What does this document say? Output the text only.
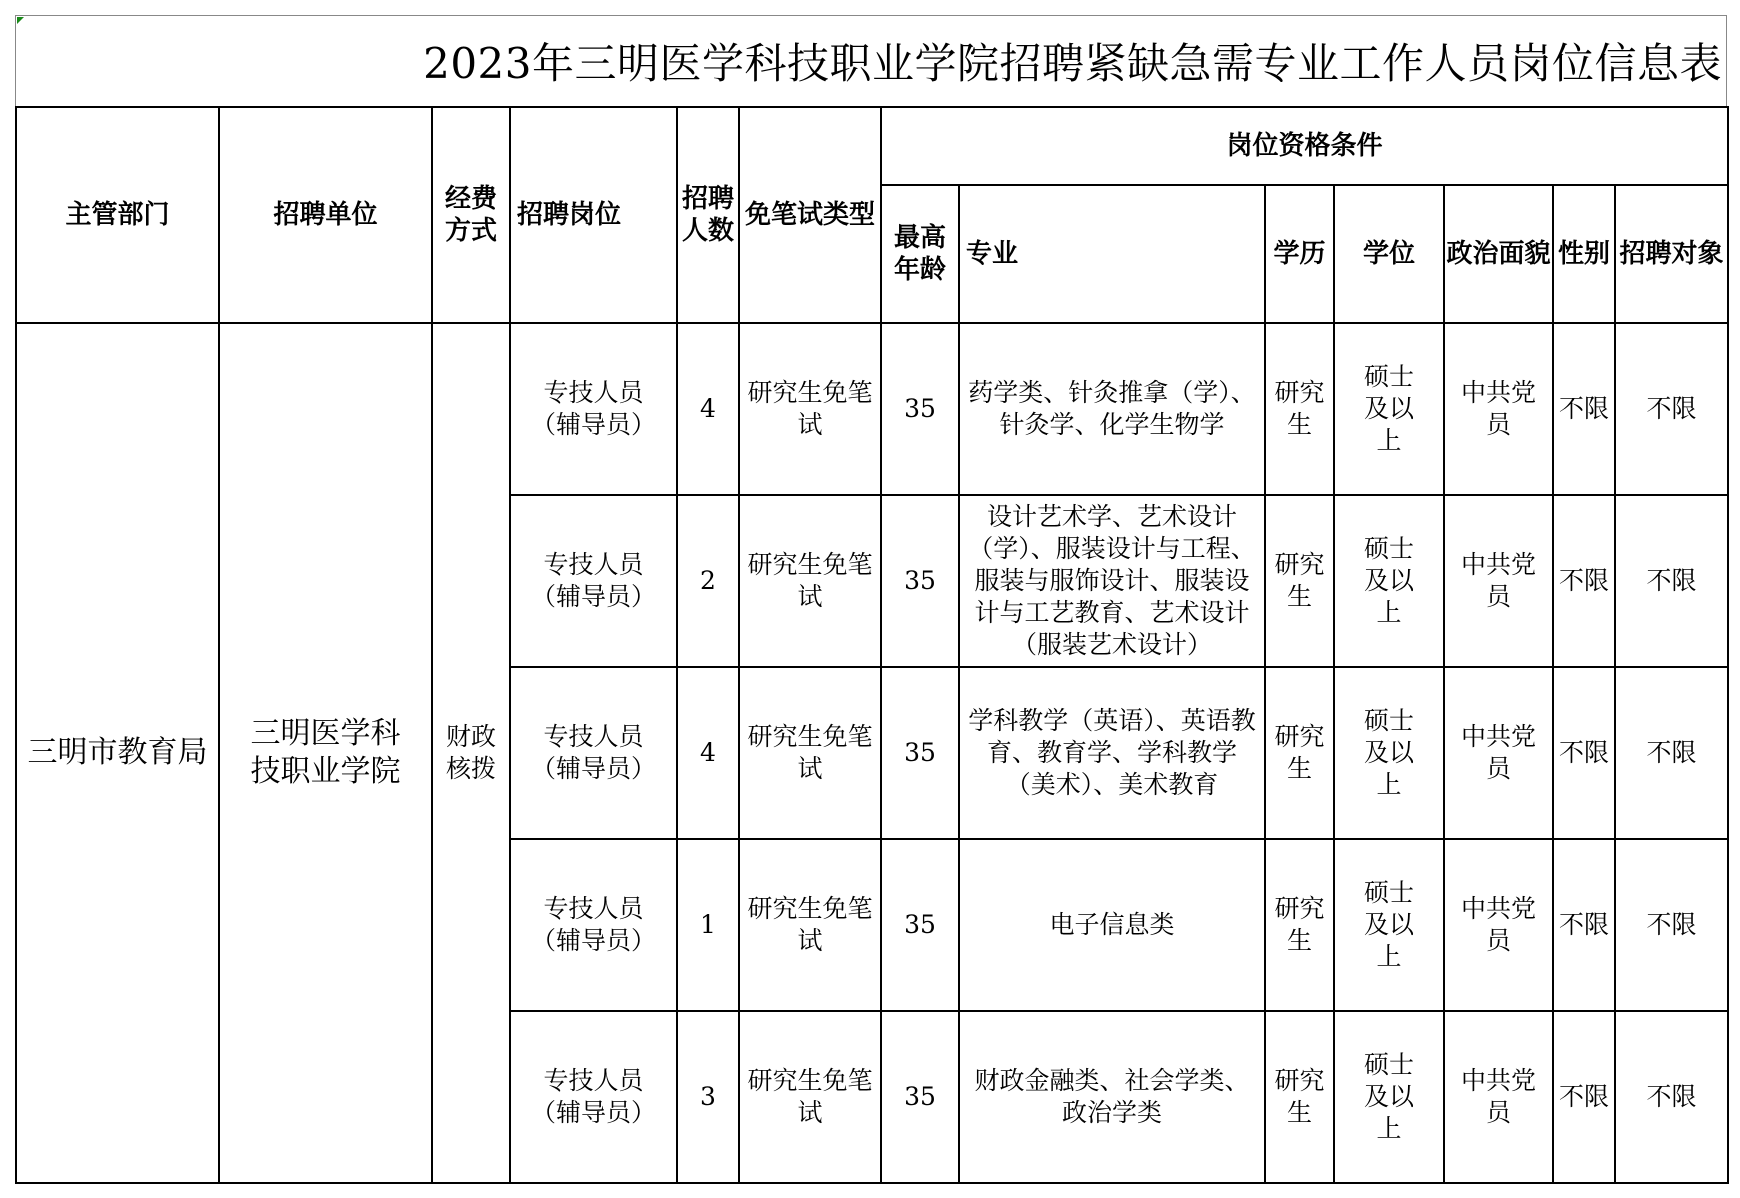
2023年三明医学科技职业学院招聘紧缺急需专业工作人员岗位信息表
主管部门	招聘单位	经费方式	招聘岗位	招聘人数	免笔试类型	岗位资格条件						
						最高年龄	专业	学历	学位	政治面貌	性别	招聘对象
三明市教育局	三明医学科技职业学院	财政核拨	专技人员（辅导员）	4	研究生免笔试	35	药学类、针灸推拿（学）、针灸学、化学生物学	研究生	硕士及以上	中共党员	不限	不限
			专技人员（辅导员）	2	研究生免笔试	35	设计艺术学、艺术设计（学）、服装设计与工程、服装与服饰设计、服装设计与工艺教育、艺术设计（服装艺术设计）	研究生	硕士及以上	中共党员	不限	不限
			专技人员（辅导员）	4	研究生免笔试	35	学科教学（英语）、英语教育、教育学、学科教学（美术）、美术教育	研究生	硕士及以上	中共党员	不限	不限
			专技人员（辅导员）	1	研究生免笔试	35	电子信息类	研究生	硕士及以上	中共党员	不限	不限
			专技人员（辅导员）	3	研究生免笔试	35	财政金融类、社会学类、政治学类	研究生	硕士及以上	中共党员	不限	不限
